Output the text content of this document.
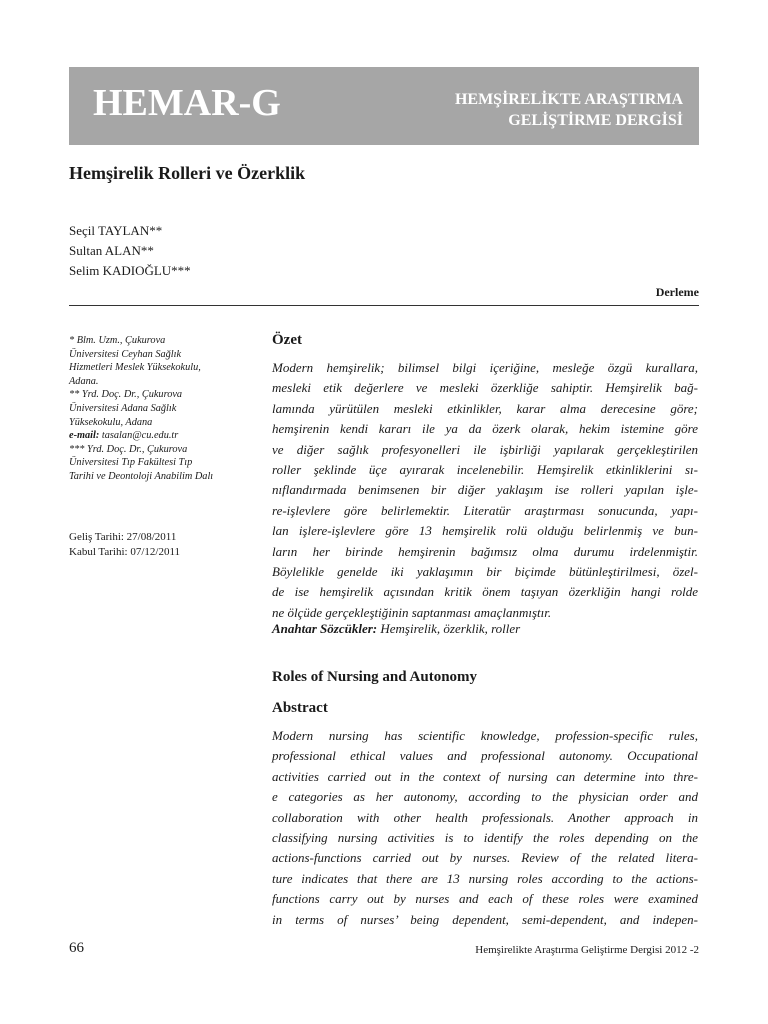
HEMAR-G	HEMŞİRELİKTE ARAŞTIRMA
GELİŞTİRME DERGİSİ
Hemşirelik Rolleri ve Özerklik
Seçil TAYLAN**
Sultan ALAN**
Selim KADIOĞLU***
Derleme
* Blm. Uzm., Çukurova
Üniversitesi Ceyhan Sağlık
Hizmetleri Meslek Yüksekokulu,
Adana.
** Yrd. Doç. Dr., Çukurova
Üniversitesi Adana Sağlık
Yüksekokulu, Adana
e-mail: tasalan@cu.edu.tr
*** Yrd. Doç. Dr., Çukurova
Üniversitesi Tıp Fakültesi Tıp
Tarihi ve Deontoloji Anabilim Dalı
Geliş Tarihi: 27/08/2011
Kabul Tarihi: 07/12/2011
Özet
Modern hemşirelik; bilimsel bilgi içeriğine, mesleğe özgü kurallara,
mesleki etik değerlere ve mesleki özerkliğe sahiptir. Hemşirelik bağ-
lamında yürütülen mesleki etkinlikler, karar alma derecesine göre;
hemşirenin kendi kararı ile ya da özerk olarak, hekim istemine göre
ve diğer sağlık profesyonelleri ile işbirliği yapılarak gerçekleştirilen
roller şeklinde üçe ayırarak incelenebilir. Hemşirelik etkinliklerini sı-
nıflandırmada benimsenen bir diğer yaklaşım ise rolleri yapılan işle-
re-işlevlere göre belirlemektir. Literatür araştırması sonucunda, yapı-
lan işlere-işlevlere göre 13 hemşirelik rolü olduğu belirlenmiş ve bun-
ların her birinde hemşirenin bağımsız olma durumu irdelenmiştir.
Böylelikle genelde iki yaklaşımın bir biçimde bütünleştirilmesi, özel-
de ise hemşirelik açısından kritik önem taşıyan özerkliğin hangi rolde
ne ölçüde gerçekleştiğinin saptanması amaçlanmıştır.
Anahtar Sözcükler: Hemşirelik, özerklik, roller
Roles of Nursing and Autonomy
Abstract
Modern nursing has scientific knowledge, profession-specific rules,
professional ethical values and professional autonomy. Occupational
activities carried out in the context of nursing can determine into thre-
e categories as her autonomy, according to the physician order and
collaboration with other health professionals. Another approach in
classifying nursing activities is to identify the roles depending on the
actions-functions carried out by nurses. Review of the related litera-
ture indicates that there are 13 nursing roles according to the actions-
functions carry out by nurses and each of these roles were examined
in terms of nurses’ being dependent, semi-dependent, and indepen-
66	Hemşirelikte Araştırma Geliştirme Dergisi 2012 -2
